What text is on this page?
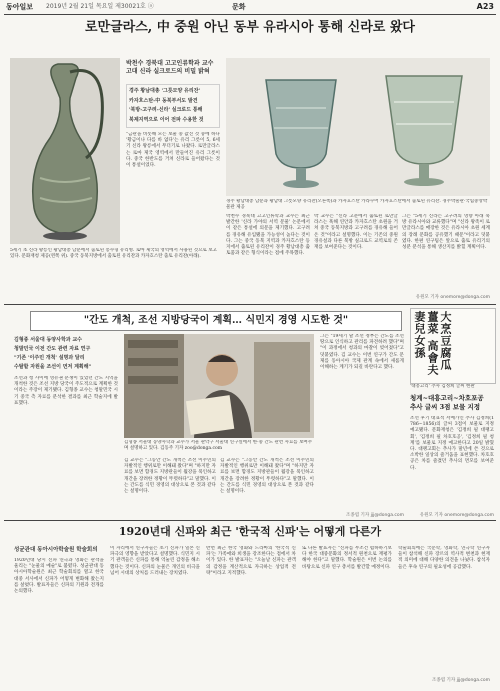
동아일보 2019년 2월 21일 목요일 제30021호 ⓐ	문화	A23
로만글라스, 中 중원 아닌 동부 유라시아 통해 신라로 왔다
박천수 경북대 고고인류학과 교수
고대 신라 실크로드의 비밀 밝혀
경주 황남대총 '그릇모양 유리잔'
카자흐스탄-中 동북부서도 발견
'북방-고구려-신라' 실크로드 통해
북제지역으로 이어 전파 수용한 것
"금관을 비롯해 모든 보물 중 값진 것 중에 하나 '황금이나 다를 바 없다'는 유리 그릇이 5, 6세기 신라 왕릉에서 무더기로 나왔다. 로만글라스는 로마 제국 영역에서 만들어진 유리 그릇이다. 중국 한반도를 거쳐 신라로 들어왔다는 것이 통설이었다.
경주 황남대총 남분과 황남대 그릇모양 유리잔(오른쪽)과 카자흐스탄 카라쿠어 카자흐스탄에서 출토된 유리잔. 경주박물관·국립중앙박물관 제공
박천수 경북대 고고인류학과 교수는 최근 발간한 '신라 가야의 서역 문물' 논문에서 이 같은 통설에 의문을 제기했다. 고구려를 경유해 유입됐을 가능성이 높다는 것이다. 그는 중국 동북 지역과 카자흐스탄 등지에서 출토된 유리잔이 경주 황남대총 출토품과 같은 형식이라는 점에 주목했다.
박 교수는 "신라 고분에서 출토된 로만글라스는 흑해 연안과 카자흐스탄 초원을 거쳐 중국 동북지방과 고구려를 경유해 들어온 것"이라고 설명했다. 이는 기존의 중원 경유설과 다른 북방 실크로드 교역로의 존재를 보여준다는 것이다.
그는 "5세기 신라는 고구려의 영향 아래 북방 유라시아와 교류했다"며 "신라 왕족이 로만글라스를 매장한 것은 유라시아 초원 세계의 장례 문화를 공유했기 때문"이라고 덧붙였다. 한편 연구팀은 앞으로 출토 유리기의 성분 분석을 통해 생산지를 밝힐 계획이다.
유원모 기자 onemore@donga.com
5세기 초 신라 왕릉인 황남대총 남분에서 출토된 봉수형 유리병. 로마 제국의 영역에서 사용된 것으로 보고 있다. 문화재청 제공(왼쪽 위). 중국 동북지방에서 출토된 유리잔과 카자흐스탄 출토 유리잔(아래).
"간도 개척, 조선 지방당국이 계획… 식민지 경영 시도한 것"
김형종 서울대 동양사학과 교수
청말민국 이전 간도 관련 자료 연구
"기존 '이주민 개척' 설명과 달리
수탈할 자원을 조선이 먼저 계획해"
조선과 청 사이에 영유권 분쟁이 있었던 간도 지역을 개척한 것은 조선 지방 당국이 주도적으로 계획한 것이라는 주장이 제기됐다. 김형종 교수는 청말민국 시기 중국 측 자료를 분석한 결과를 최근 학술지에 발표했다.
김형종 서울대 동양사학과 교수가 서울 관악구 서울대 연구실에서 한·중 간도 관련 사료를 보여주며 설명하고 있다. 김동주 기자 zoo@donga.com
김 교수는 "그동안 간도 개척은 조선 이주민의 자발적인 행위로만 이해돼 왔다"며 "하지만 자료를 보면 함경도 지방관들이 월강을 묵인하고 개간을 장려한 정황이 뚜렷하다"고 말했다. 이는 간도를 식민 경영의 대상으로 본 것과 같다는 설명이다.
김 교수는 "그동안 간도 개척은 조선 이주민의 자발적인 행위로만 이해돼 왔다"며 "하지만 자료를 보면 함경도 지방관들이 월강을 묵인하고 개간을 장려한 정황이 뚜렷하다"고 말했다. 이는 간도를 식민 경영의 대상으로 본 것과 같다는 설명이다.
그는 "19세기 말 조선 정부는 간도를 조선 땅으로 인식하고 관리를 파견하려 했다"며 "이 과정에서 청과의 마찰이 빚어졌다"고 덧붙였다. 김 교수는 이번 연구가 간도 문제를 동아시아 국제 관계 속에서 새롭게 이해하는 계기가 되길 바란다고 했다.
조종엽 기자 jjj@donga.com
大烹豆腐瓜薑菜 高會夫妻兒女孫
'대흥고리' 추사 김정희 글씨 현판
청계~대흥고리~차호포공
추사 글씨 3점 보물 지정
조선 후기 대표적 서예가인 추사 김정희(1786∼1856)의 글씨 3점이 보물로 지정 예고됐다. 문화재청은 '김정희 필 대팽고회', '김정희 필 차호호공', '김정희 필 청계'를 보물로 지정 예고한다고 20일 밝혔다. 대팽고회는 추사가 말년에 쓴 것으로 소박한 일상의 즐거움을 표현했다. 차호호공은 차를 즐겼던 추사의 면모를 보여준다.
유원모 기자 onemore@donga.com
1920년대 신파와 최근 '한국적 신파'는 어떻게 다른가
성균관대 동아시아학술원 학술회의
1920년대 당시 신파 연극과 영화는 관객을 울리는 "눈물의 예술"로 불렸다. 성균관대 동아시아학술원은 최근 학술회의를 열고 한국 대중 서사에서 신파가 어떻게 변화해 왔는지를 살폈다. 발표자들은 신파의 기원과 전개를 논의했다.
이 자리에서 연구자들은 초기 신파가 일본 신파극의 영향을 받았다고 설명했다. 식민지 시기 관객들은 신파를 통해 억눌린 감정을 해소했다는 것이다. 신파의 눈물은 개인의 비극을 넘어 시대의 상처를 드러내는 장치였다.
반면 최근 한국 영화와 드라마의 '한국적 신파'는 가족애와 희생을 강조한다는 점에서 차이가 있다. 한 발표자는 "오늘날 신파는 관객의 감정을 계산적으로 자극하는 상업적 전략"이라고 지적했다.
또 다른 발표자는 "신파를 무조건 폄하하기보다 한국 대중문화의 정서적 원천으로 재평가해야 한다"고 말했다. 학술원은 이번 논의를 바탕으로 신파 연구 총서를 발간할 예정이다.
학술회의에는 국문학, 영화학, 연극학 연구자들이 참석해 신파 장르의 역사적 변천과 현재적 의미에 대해 다양한 의견을 나눴다. 참석자들은 후속 연구의 필요성에 공감했다.
조종엽 기자 jjj@donga.com
